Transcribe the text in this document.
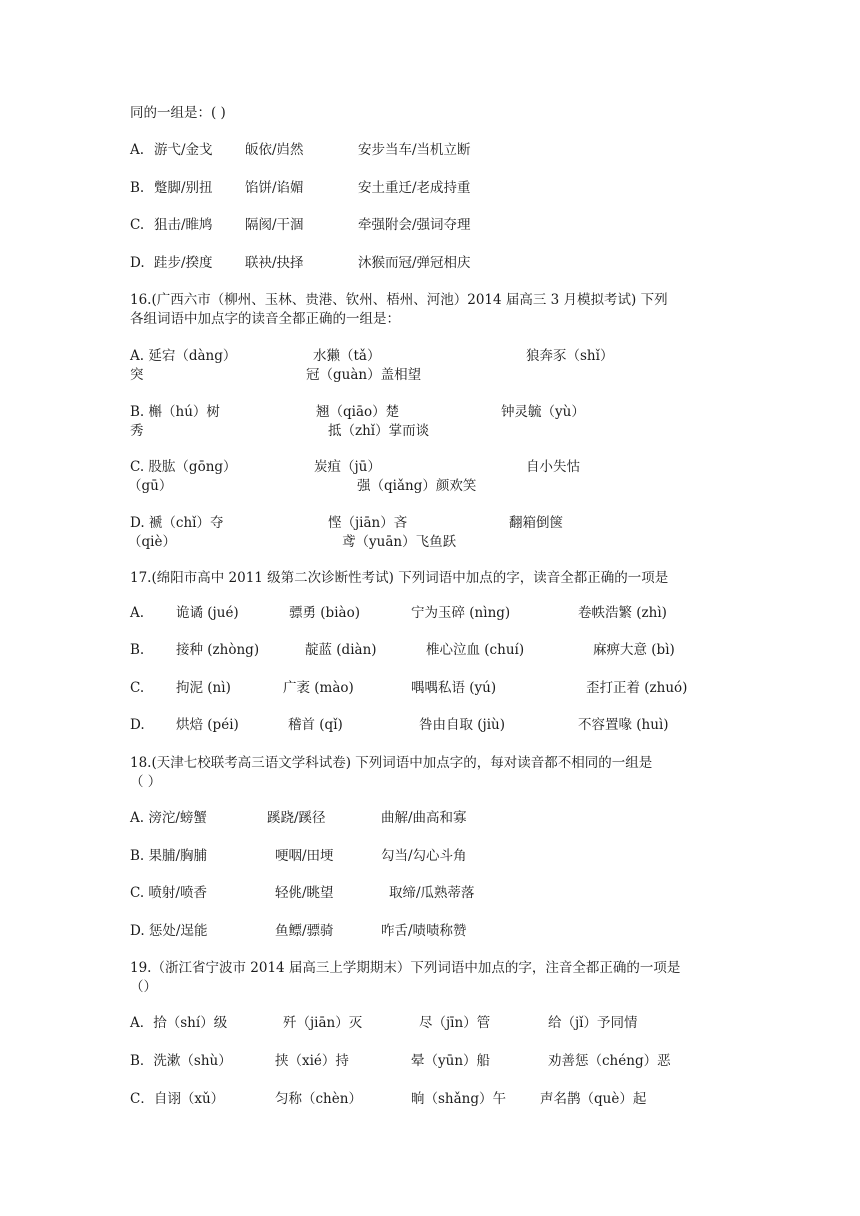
同的一组是：( )
A. 游弋/金戈 皈依/岿然	安步当车/当机立断
B. 蹩脚/别扭 馅饼/谄媚	安土重迁/老成持重
C. 狙击/睢鸠 隔阂/干涸	牵强附会/强词夺理
D. 跬步/揆度 联袂/抉择	沐猴而冠/弹冠相庆
16.(广西六市（柳州、玉林、贵港、钦州、梧州、河池）2014 届高三 3 月模拟考试) 下列
各组词语中加点字的读音全都正确的一组是：
A. 延宕（dàng）	水獭（tǎ）	狼奔豕（shǐ）
突	冠（guàn）盖相望
B. 槲（hú）树	翘（qiāo）楚	钟灵毓（yù）
秀	抵（zhǐ）掌而谈
C. 股肱（gōng）	炭疽（jū）	自小失怙
（gū）	强（qiǎng）颜欢笑
D. 褫（chǐ）夺	悭（jiān）吝	翻箱倒箧
（qiè）	鸢（yuān）飞鱼跃
17.(绵阳市高中 2011 级第二次诊断性考试) 下列词语中加点的字，读音全都正确的一项是
A. 诡谲 (jué)	骠勇 (biào)	宁为玉碎 (nìng)	卷帙浩繁 (zhì)
B. 接种 (zhòng)	靛蓝 (diàn)	椎心泣血 (chuí)	麻痹大意 (bì)
C. 拘泥 (nì)	广袤 (mào)	喁喁私语 (yú)	歪打正着 (zhuó)
D. 烘焙 (péi)	稽首 (qǐ)	咎由自取 (jiù)	不容置喙 (huì)
18.(天津七校联考高三语文学科试卷) 下列词语中加点字的，每对读音都不相同的一组是
（ ）
A. 滂沱/螃蟹	蹊跷/蹊径	曲解/曲高和寡
B. 果脯/胸脯	哽咽/田埂	勾当/勾心斗角
C. 喷射/喷香	轻佻/眺望	取缔/瓜熟蒂落
D. 惩处/逞能	鱼鳔/骠骑	咋舌/啧啧称赞
19.（浙江省宁波市 2014 届高三上学期期末）下列词语中加点的字，注音全都正确的一项是
（）
A．拾（shí）级	歼（jiān）灭	尽（jīn）管	给（jǐ）予同情
B．洗漱（shù）	挟（xié）持	晕（yūn）船	劝善惩（chéng）恶
C．自诩（xǔ）	匀称（chèn）	晌（shǎng）午	声名鹊（què）起
